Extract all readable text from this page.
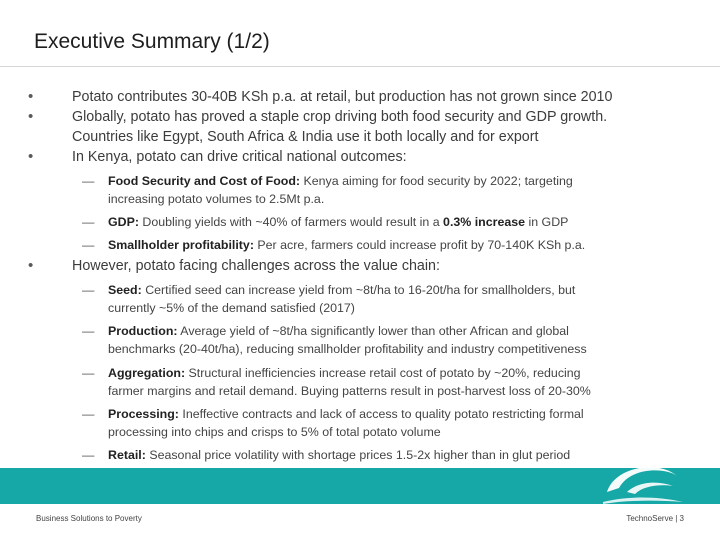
Executive Summary (1/2)
•	Potato contributes 30-40B KSh p.a. at retail, but production has not grown since 2010
•	Globally, potato has proved a staple crop driving both food security and GDP growth.
Countries like Egypt, South Africa & India use it both locally and for export
•	In Kenya, potato can drive critical national outcomes:
— Food Security and Cost of Food: Kenya aiming for food security by 2022; targeting
increasing potato volumes to 2.5Mt p.a.
— GDP: Doubling yields with ~40% of farmers would result in a 0.3% increase in GDP
— Smallholder profitability: Per acre, farmers could increase profit by 70-140K KSh p.a.
•	However, potato facing challenges across the value chain:
— Seed: Certified seed can increase yield from ~8t/ha to 16-20t/ha for smallholders, but
currently ~5% of the demand satisfied (2017)
— Production: Average yield of ~8t/ha significantly lower than other African and global
benchmarks (20-40t/ha), reducing smallholder profitability and industry competitiveness
— Aggregation: Structural inefficiencies increase retail cost of potato by ~20%, reducing
farmer margins and retail demand. Buying patterns result in post-harvest loss of 20-30%
— Processing: Ineffective contracts and lack of access to quality potato restricting formal
processing into chips and crisps to 5% of total potato volume
— Retail: Seasonal price volatility with shortage prices 1.5-2x higher than in glut period
Business Solutions to Poverty	TechnoServe | 3
